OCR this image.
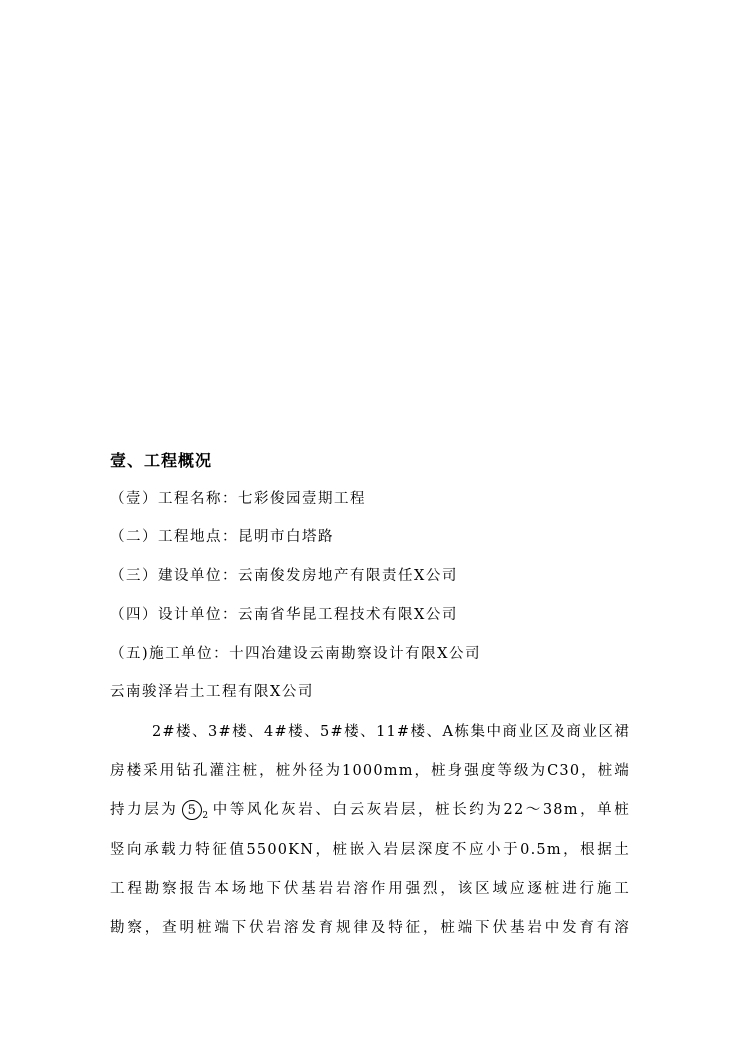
壹、工程概况
（壹）工程名称：七彩俊园壹期工程
（二）工程地点：昆明市白塔路
（三）建设单位：云南俊发房地产有限责任X公司
（四）设计单位：云南省华昆工程技术有限X公司
（五)施工单位：十四冶建设云南勘察设计有限X公司
云南骏泽岩土工程有限X公司
2#楼、3#楼、4#楼、5#楼、11#楼、A栋集中商业区及商业区裙
房楼采用钻孔灌注桩，桩外径为1000mm，桩身强度等级为C30，桩端
持力层为 5 $_2$ 中等风化灰岩、白云灰岩层，桩长约为22～38m，单桩
竖向承载力特征值5500KN，桩嵌入岩层深度不应小于0.5m，根据土
工程勘察报告本场地下伏基岩岩溶作用强烈，该区域应逐桩进行施工
勘察，查明桩端下伏岩溶发育规律及特征，桩端下伏基岩中发育有溶
